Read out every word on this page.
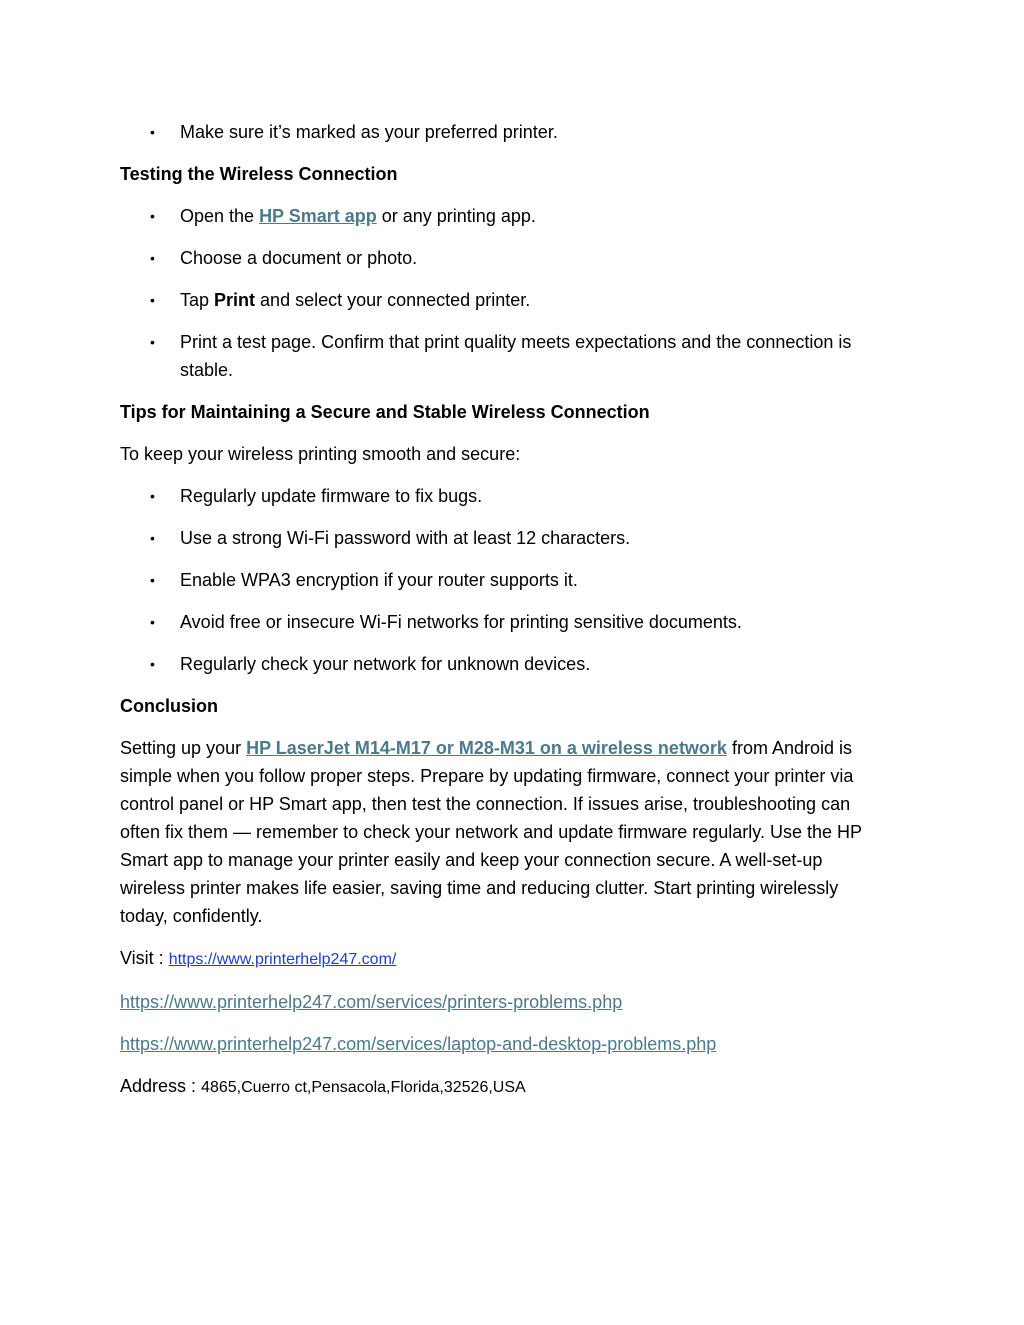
• Make sure it’s marked as your preferred printer.

Testing the Wireless Connection

• Open the HP Smart app or any printing app.
• Choose a document or photo.
• Tap Print and select your connected printer.
• Print a test page. Confirm that print quality meets expectations and the connection is stable.

Tips for Maintaining a Secure and Stable Wireless Connection

To keep your wireless printing smooth and secure:

• Regularly update firmware to fix bugs.
• Use a strong Wi-Fi password with at least 12 characters.
• Enable WPA3 encryption if your router supports it.
• Avoid free or insecure Wi-Fi networks for printing sensitive documents.
• Regularly check your network for unknown devices.

Conclusion

Setting up your HP LaserJet M14-M17 or M28-M31 on a wireless network from Android is simple when you follow proper steps. Prepare by updating firmware, connect your printer via control panel or HP Smart app, then test the connection. If issues arise, troubleshooting can often fix them — remember to check your network and update firmware regularly. Use the HP Smart app to manage your printer easily and keep your connection secure. A well-set-up wireless printer makes life easier, saving time and reducing clutter. Start printing wirelessly today, confidently.

Visit : https://www.printerhelp247.com/

https://www.printerhelp247.com/services/printers-problems.php

https://www.printerhelp247.com/services/laptop-and-desktop-problems.php

Address : 4865,Cuerro ct,Pensacola,Florida,32526,USA
